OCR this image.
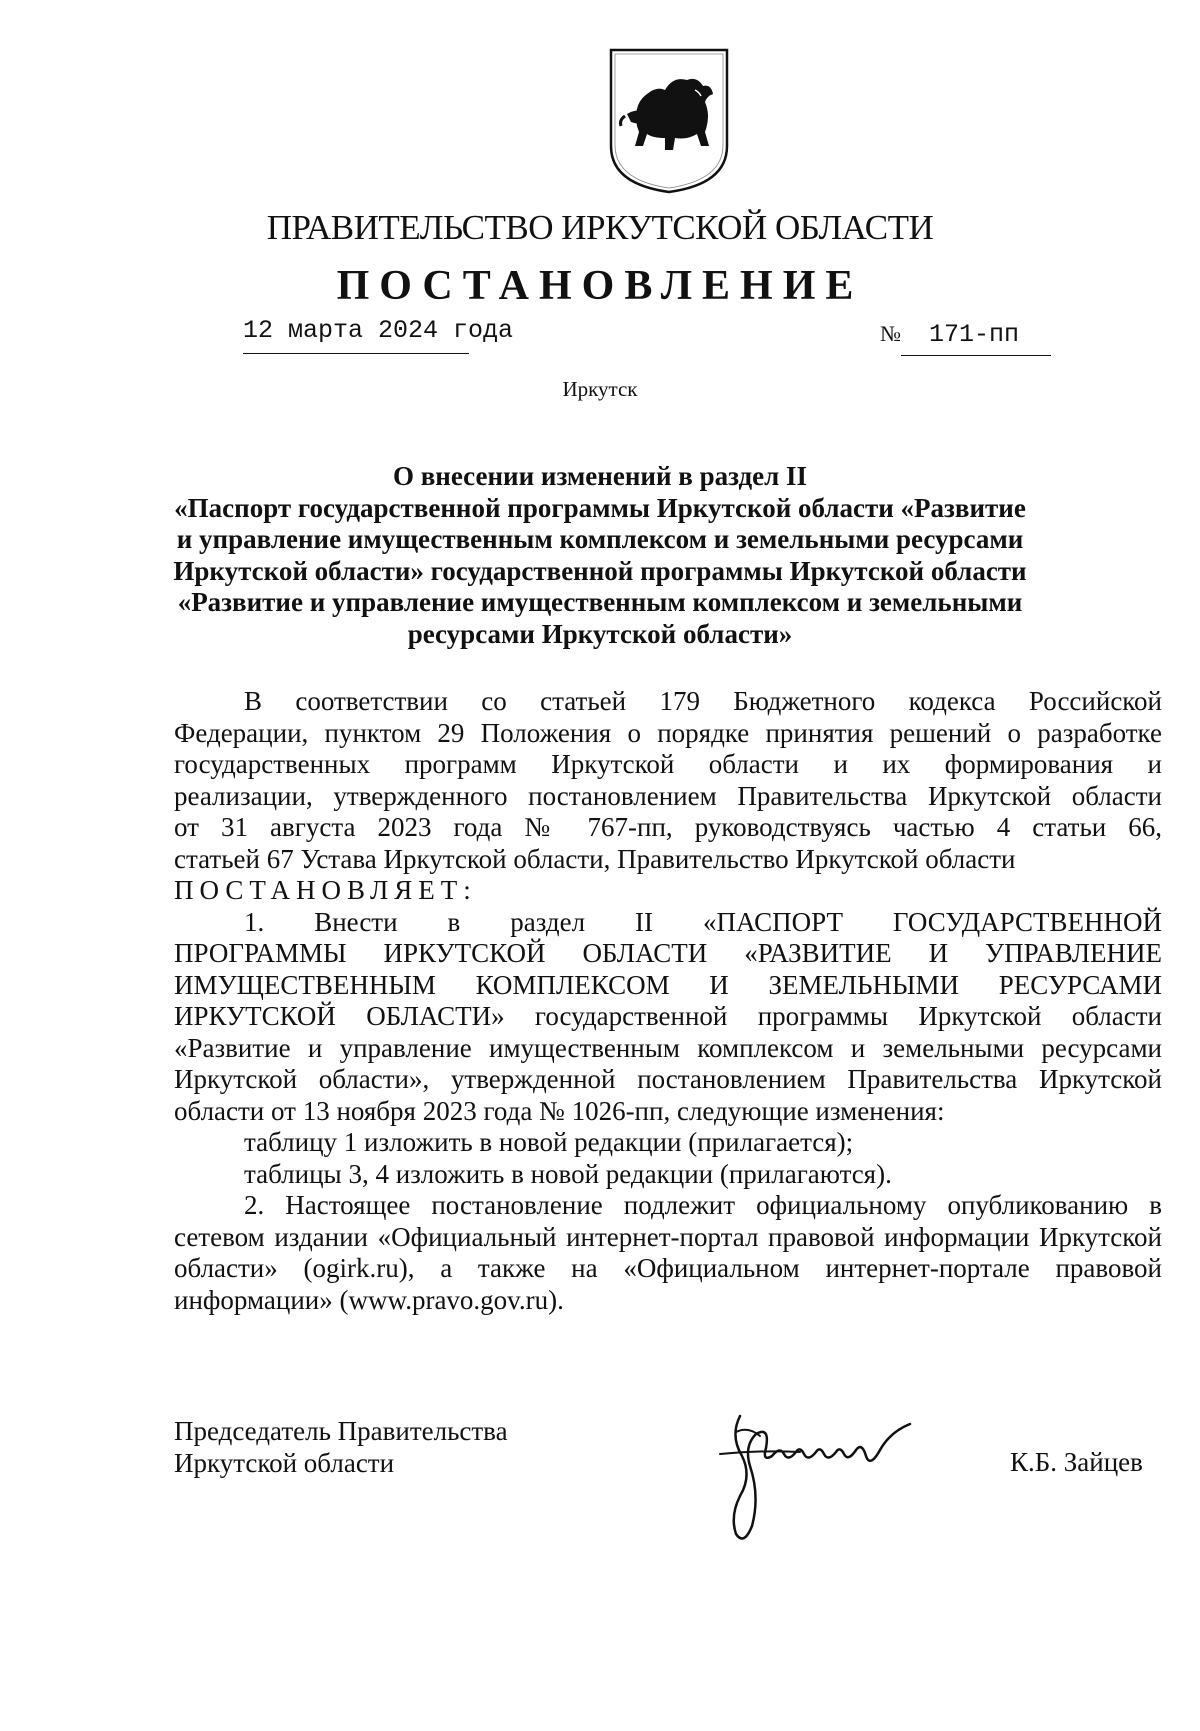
ПРАВИТЕЛЬСТВО ИРКУТСКОЙ ОБЛАСТИ
ПОСТАНОВЛЕНИЕ
12 марта 2024 года	№ 171-пп
Иркутск
О внесении изменений в раздел II
«Паспорт государственной программы Иркутской области «Развитие
и управление имущественным комплексом и земельными ресурсами
Иркутской области» государственной программы Иркутской области
«Развитие и управление имущественным комплексом и земельными
ресурсами Иркутской области»
В соответствии со статьей 179 Бюджетного кодекса Российской
Федерации, пунктом 29 Положения о порядке принятия решений о разработке
государственных программ Иркутской области и их формирования и
реализации, утвержденного постановлением Правительства Иркутской области
от 31 августа 2023 года № 767-пп, руководствуясь частью 4 статьи 66,
статьей 67 Устава Иркутской области, Правительство Иркутской области
ПОСТАНОВЛЯЕТ:
1. Внести в раздел II «ПАСПОРТ ГОСУДАРСТВЕННОЙ
ПРОГРАММЫ ИРКУТСКОЙ ОБЛАСТИ «РАЗВИТИЕ И УПРАВЛЕНИЕ
ИМУЩЕСТВЕННЫМ КОМПЛЕКСОМ И ЗЕМЕЛЬНЫМИ РЕСУРСАМИ
ИРКУТСКОЙ ОБЛАСТИ» государственной программы Иркутской области
«Развитие и управление имущественным комплексом и земельными ресурсами
Иркутской области», утвержденной постановлением Правительства Иркутской
области от 13 ноября 2023 года № 1026-пп, следующие изменения:
таблицу 1 изложить в новой редакции (прилагается);
таблицы 3, 4 изложить в новой редакции (прилагаются).
2. Настоящее постановление подлежит официальному опубликованию в
сетевом издании «Официальный интернет-портал правовой информации Иркутской
области» (ogirk.ru), а также на «Официальном интернет-портале правовой
информации» (www.pravo.gov.ru).
Председатель Правительства
Иркутской области	К.Б. Зайцев
